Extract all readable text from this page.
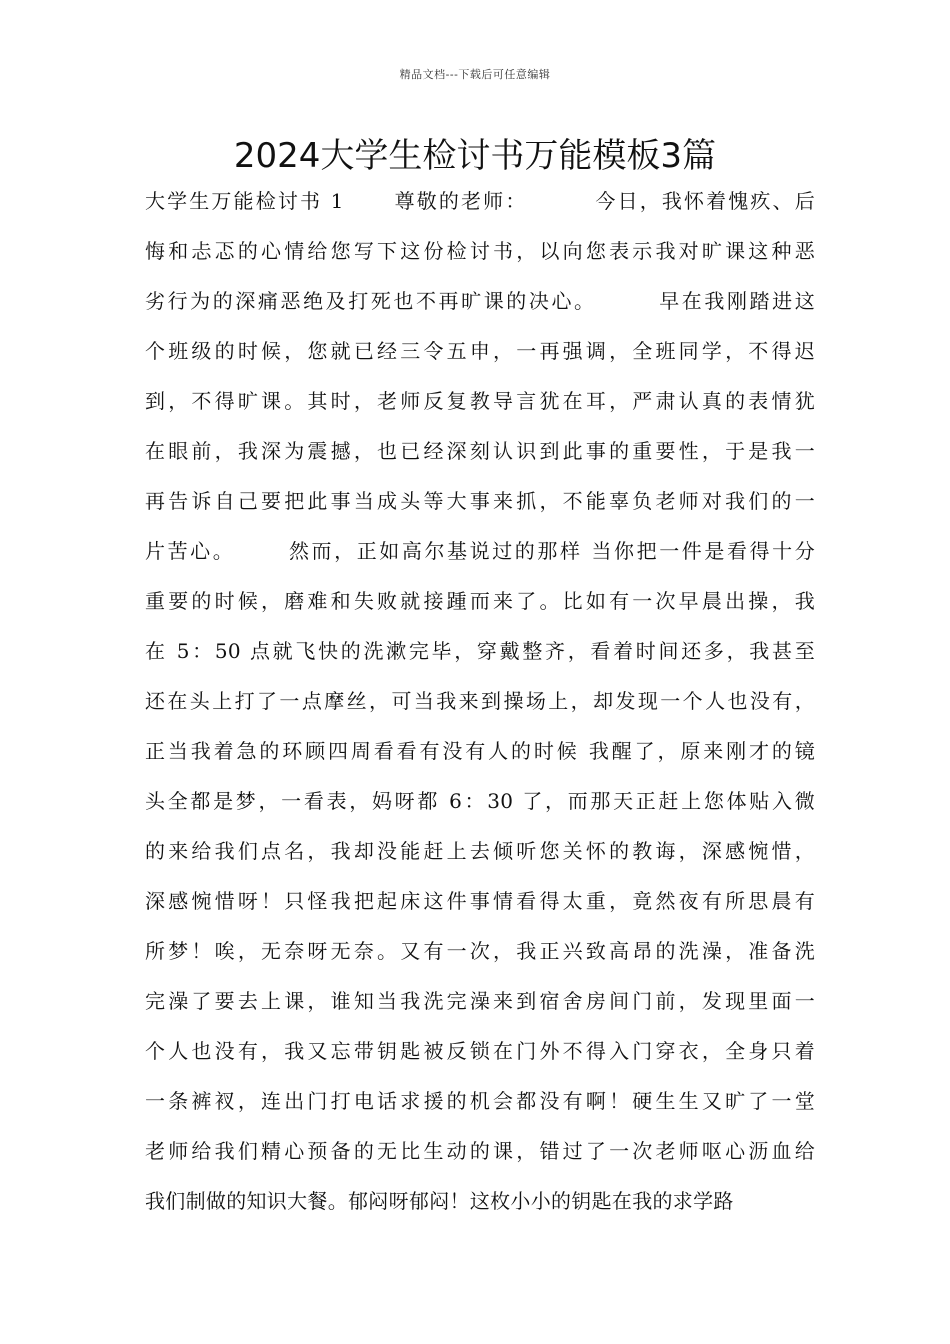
精品文档---下载后可任意编辑
2024大学生检讨书万能模板3篇
大学生万能检讨书 1      尊敬的老师：        今日，我怀着愧疚、后
悔和忐忑的心情给您写下这份检讨书，以向您表示我对旷课这种恶
劣行为的深痛恶绝及打死也不再旷课的决心。       早在我刚踏进这
个班级的时候，您就已经三令五申，一再强调，全班同学，不得迟
到，不得旷课。其时，老师反复教导言犹在耳，严肃认真的表情犹
在眼前，我深为震撼，也已经深刻认识到此事的重要性，于是我一
再告诉自己要把此事当成头等大事来抓，不能辜负老师对我们的一
片苦心。      然而，正如高尔基说过的那样 当你把一件是看得十分
重要的时候，磨难和失败就接踵而来了。比如有一次早晨出操，我
在 5：50 点就飞快的洗漱完毕，穿戴整齐，看着时间还多，我甚至
还在头上打了一点摩丝，可当我来到操场上，却发现一个人也没有，
正当我着急的环顾四周看看有没有人的时候 我醒了，原来刚才的镜
头全都是梦，一看表，妈呀都 6：30 了，而那天正赶上您体贴入微
的来给我们点名，我却没能赶上去倾听您关怀的教诲，深感惋惜，
深感惋惜呀！只怪我把起床这件事情看得太重，竟然夜有所思晨有
所梦！唉，无奈呀无奈。又有一次，我正兴致高昂的洗澡，准备洗
完澡了要去上课，谁知当我洗完澡来到宿舍房间门前，发现里面一
个人也没有，我又忘带钥匙被反锁在门外不得入门穿衣，全身只着
一条裤衩，连出门打电话求援的机会都没有啊！硬生生又旷了一堂
老师给我们精心预备的无比生动的课，错过了一次老师呕心沥血给
我们制做的知识大餐。郁闷呀郁闷！这枚小小的钥匙在我的求学路
